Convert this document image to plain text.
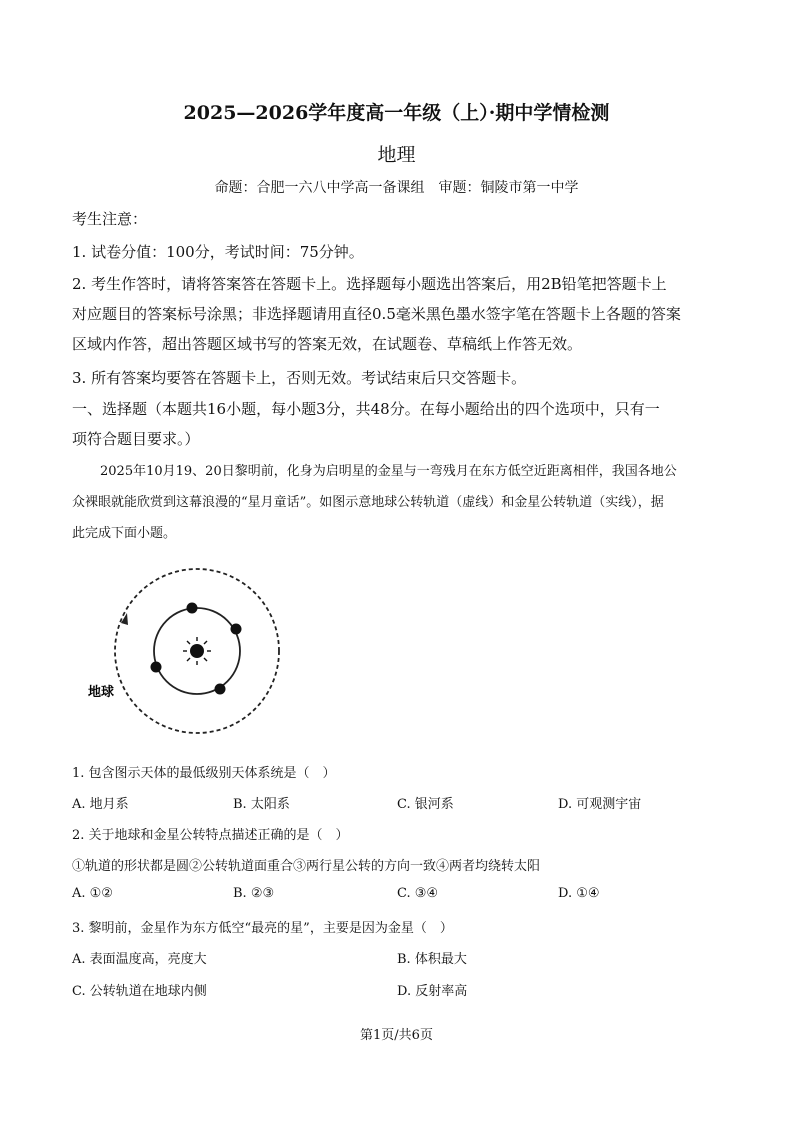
2025—2026学年度高一年级（上）·期中学情检测
地理
命题：合肥一六八中学高一备课组　审题：铜陵市第一中学
考生注意：
1. 试卷分值：100分，考试时间：75分钟。
2. 考生作答时，请将答案答在答题卡上。选择题每小题选出答案后，用2B铅笔把答题卡上
对应题目的答案标号涂黑；非选择题请用直径0.5毫米黑色墨水签字笔在答题卡上各题的答案
区域内作答，超出答题区域书写的答案无效，在试题卷、草稿纸上作答无效。
3. 所有答案均要答在答题卡上，否则无效。考试结束后只交答题卡。
一、选择题（本题共16小题，每小题3分，共48分。在每小题给出的四个选项中，只有一
项符合题目要求。）
2025年10月19、20日黎明前，化身为启明星的金星与一弯残月在东方低空近距离相伴，我国各地公
众裸眼就能欣赏到这幕浪漫的“星月童话”。如图示意地球公转轨道（虚线）和金星公转轨道（实线），据
此完成下面小题。
地球
1. 包含图示天体的最低级别天体系统是（　）
A. 地月系	B. 太阳系	C. 银河系	D. 可观测宇宙
2. 关于地球和金星公转特点描述正确的是（　）
①轨道的形状都是圆②公转轨道面重合③两行星公转的方向一致④两者均绕转太阳
A. ①②	B. ②③	C. ③④	D. ①④
3. 黎明前，金星作为东方低空“最亮的星”，主要是因为金星（　）
A. 表面温度高，亮度大	B. 体积最大
C. 公转轨道在地球内侧	D. 反射率高
第1页/共6页
